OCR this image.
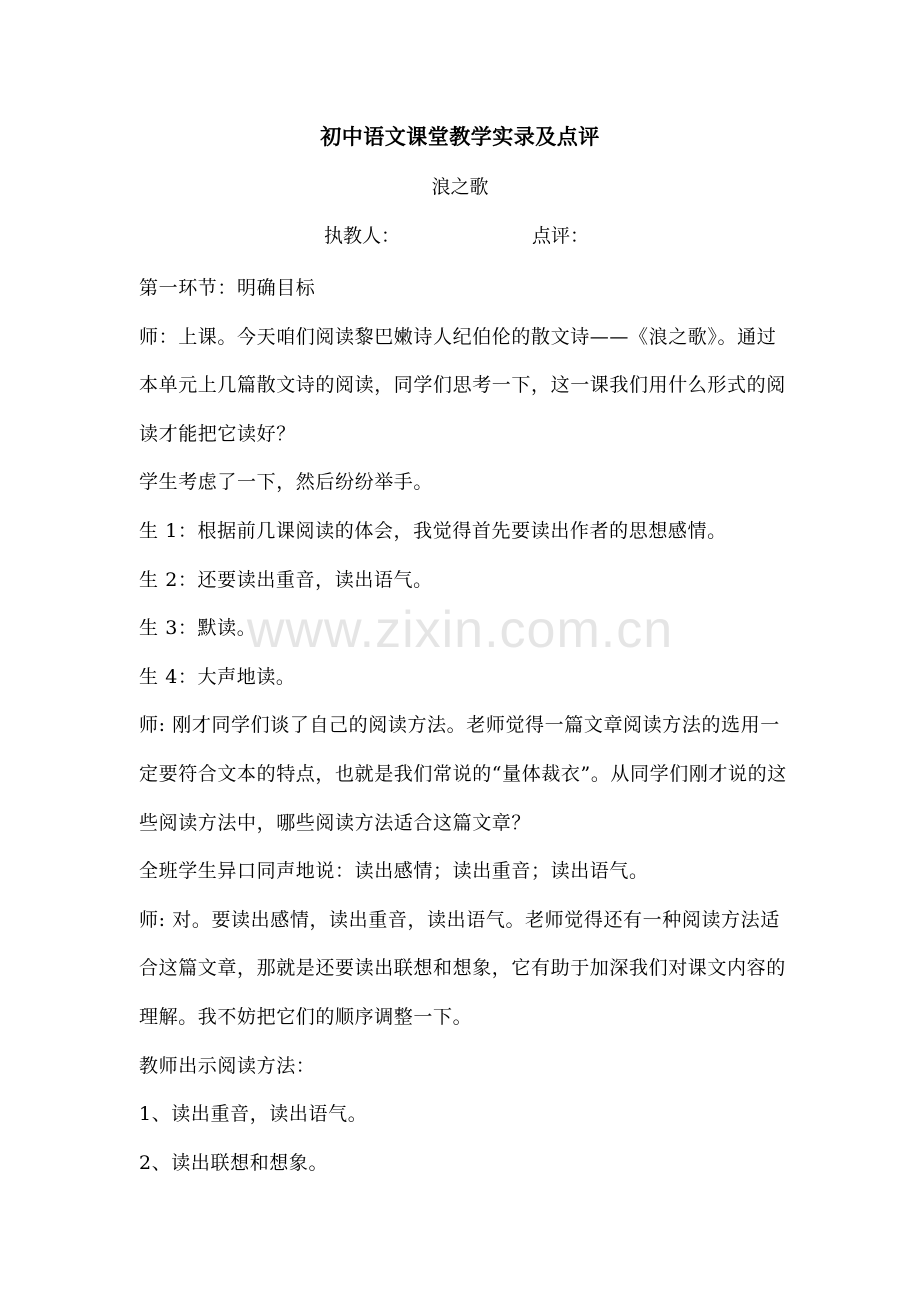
初中语文课堂教学实录及点评
浪之歌
执教人：	点评：

第一环节：明确目标

师：上课。今天咱们阅读黎巴嫩诗人纪伯伦的散文诗——《浪之歌》。通过本单元上几篇散文诗的阅读，同学们思考一下，这一课我们用什么形式的阅读才能把它读好？

学生考虑了一下，然后纷纷举手。

生 1：根据前几课阅读的体会，我觉得首先要读出作者的思想感情。

生 2：还要读出重音，读出语气。

生 3：默读。

生 4：大声地读。

师: 刚才同学们谈了自己的阅读方法。老师觉得一篇文章阅读方法的选用一定要符合文本的特点，也就是我们常说的“量体裁衣”。从同学们刚才说的这些阅读方法中，哪些阅读方法适合这篇文章？

全班学生异口同声地说：读出感情；读出重音；读出语气。

师: 对。要读出感情，读出重音，读出语气。老师觉得还有一种阅读方法适合这篇文章，那就是还要读出联想和想象，它有助于加深我们对课文内容的理解。我不妨把它们的顺序调整一下。

教师出示阅读方法：

1、读出重音，读出语气。

2、读出联想和想象。

www.zixin.com.cn
